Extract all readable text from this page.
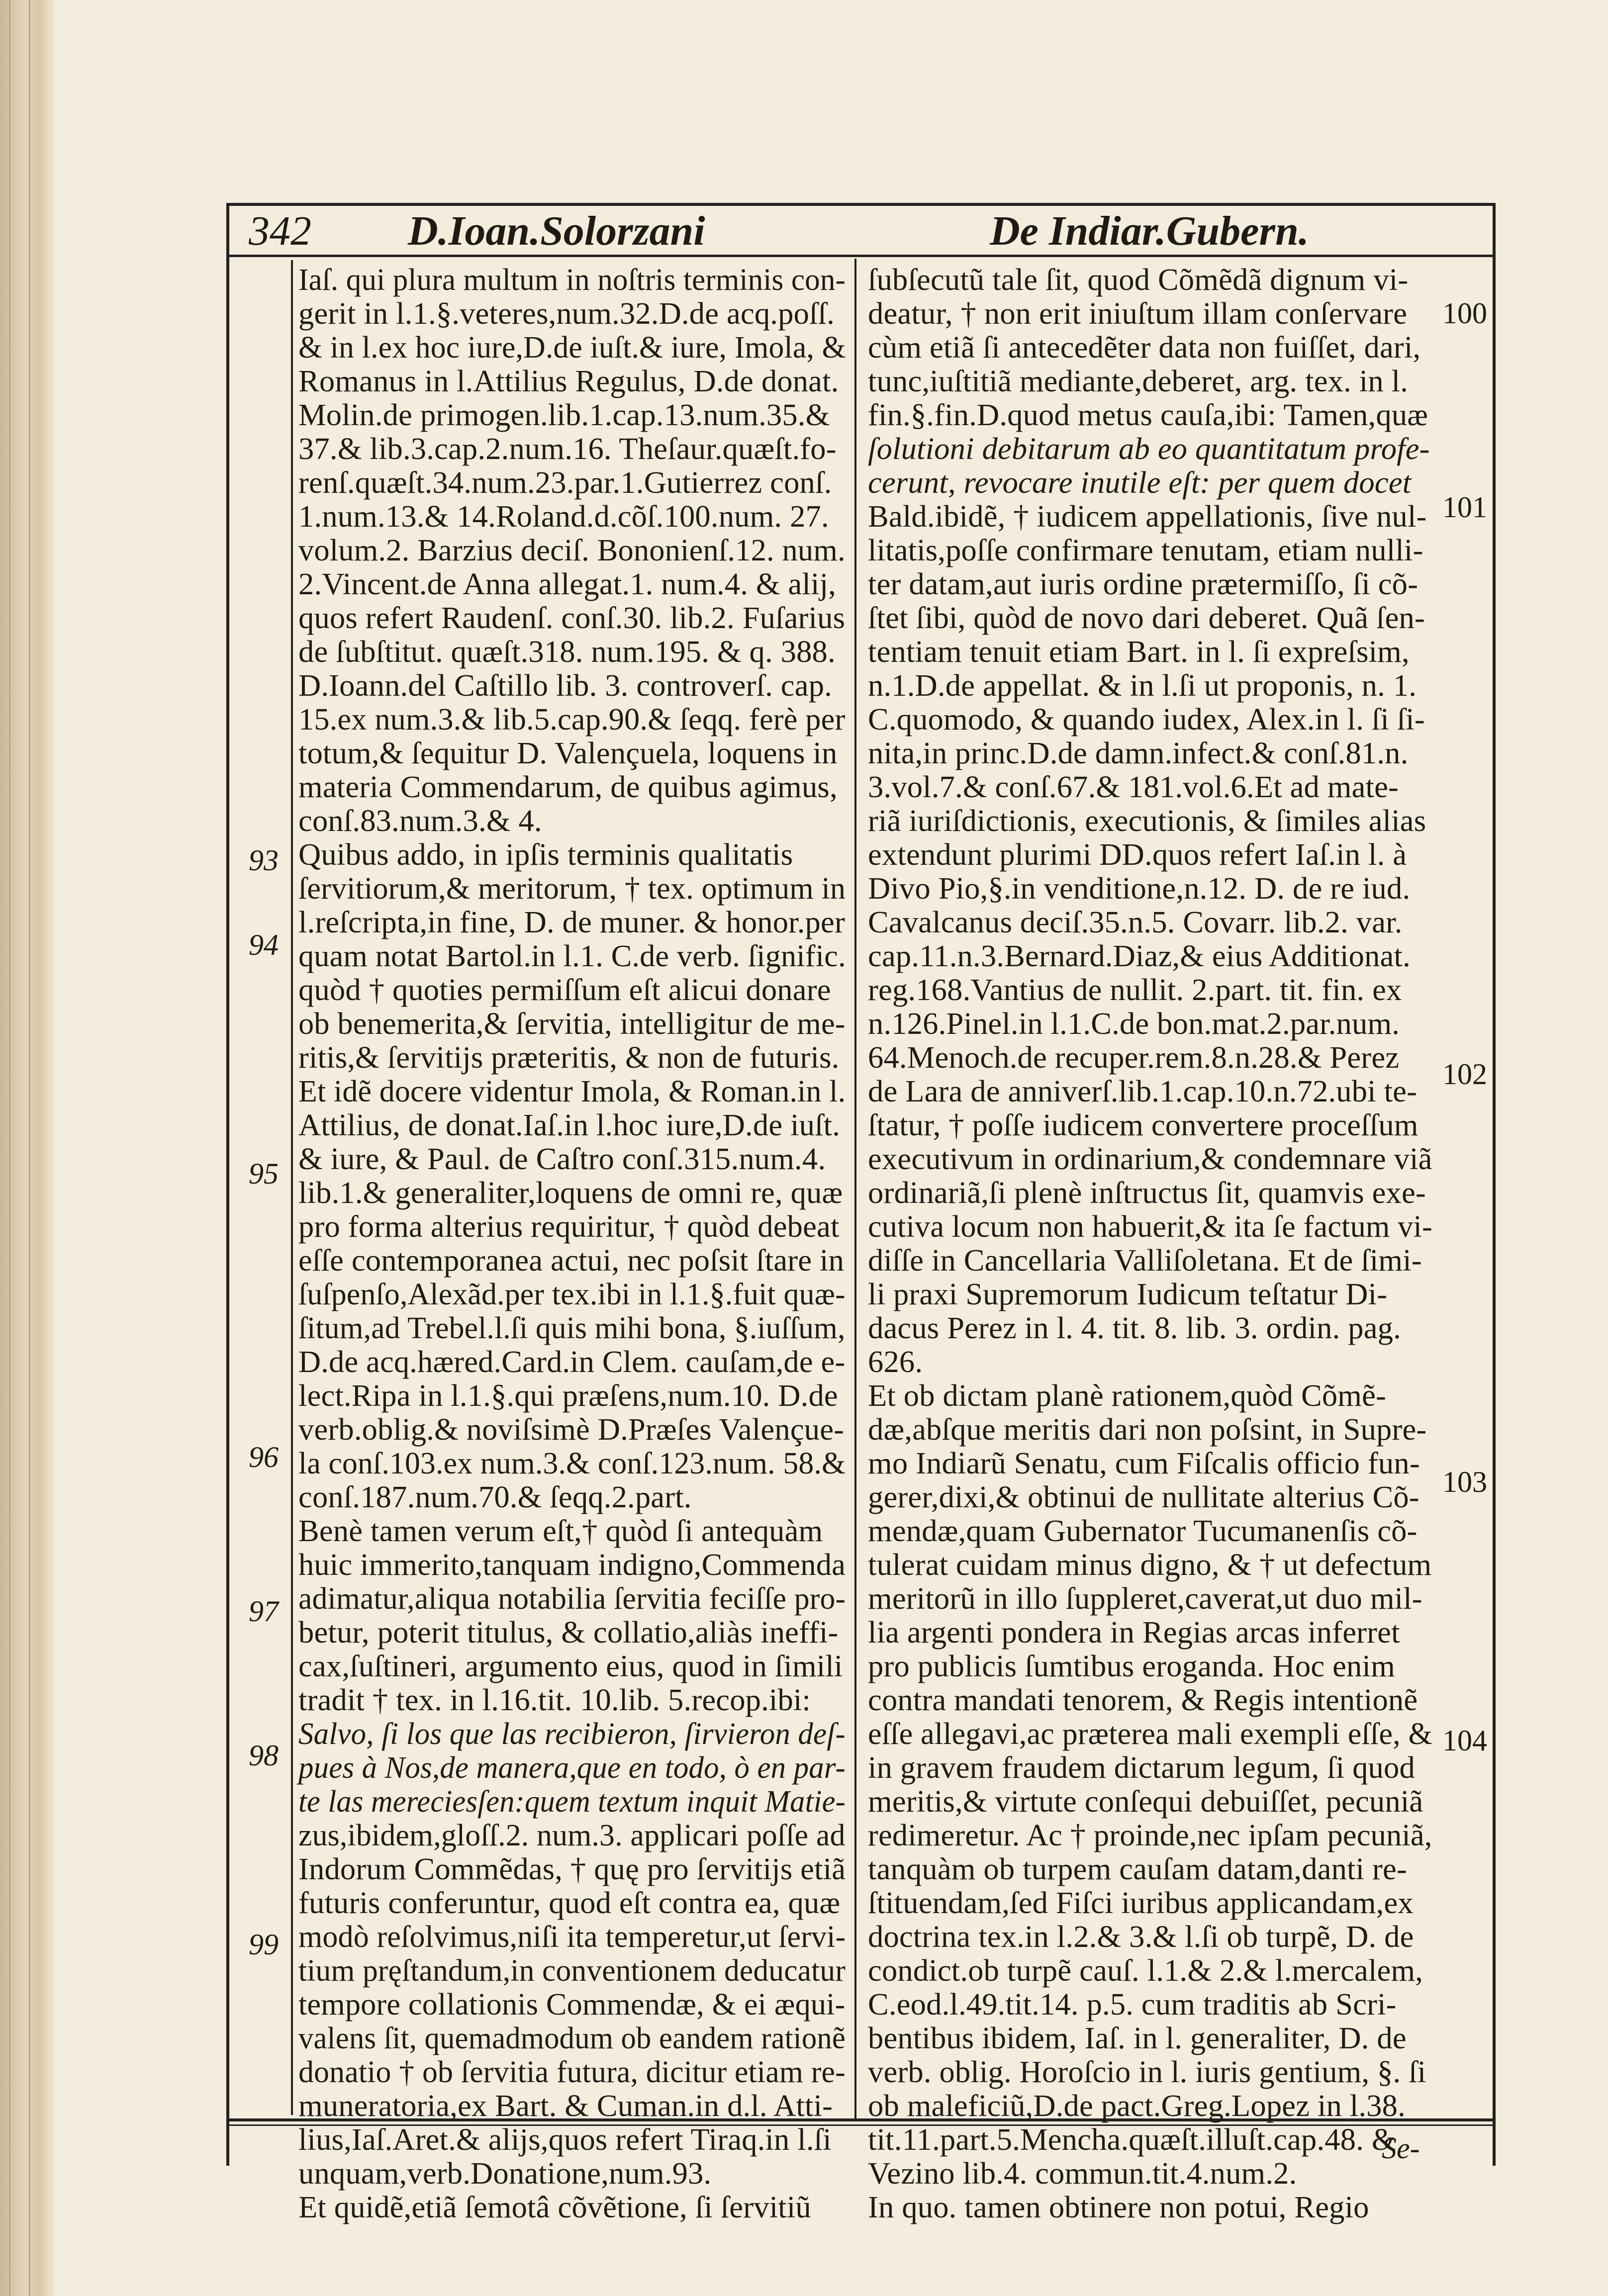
342 D.Ioan.Solorzani	De Indiar.Gubern.
Iaſ. qui plura multum in noſtris terminis con-
gerit in l.1.§.veteres,num.32.D.de acq.poſſ.
& in l.ex hoc iure,D.de iuſt.& iure, Imola, &
Romanus in l.Attilius Regulus, D.de donat.
Molin.de primogen.lib.1.cap.13.num.35.&
37.& lib.3.cap.2.num.16. Theſaur.quæſt.fo-
renſ.quæſt.34.num.23.par.1.Gutierrez conſ.
1.num.13.& 14.Roland.d.cõſ.100.num. 27.
volum.2. Barzius deciſ. Bononienſ.12. num.
2.Vincent.de Anna allegat.1. num.4. & alij,
quos refert Raudenſ. conſ.30. lib.2. Fuſarius
de ſubſtitut. quæſt.318. num.195. & q. 388.
D.Ioann.del Caſtillo lib. 3. controverſ. cap.
15.ex num.3.& lib.5.cap.90.& ſeqq. ferè per
totum,& ſequitur D. Valençuela, loquens in
materia Commendarum, de quibus agimus,
conſ.83.num.3.& 4.
Quibus addo, in ipſis terminis qualitatis
ſervitiorum,& meritorum, † tex. optimum in
l.reſcripta,in fine, D. de muner. & honor.per
quam notat Bartol.in l.1. C.de verb. ſignific.
quòd † quoties permiſſum eſt alicui donare
ob benemerita,& ſervitia, intelligitur de me-
ritis,& ſervitijs præteritis, & non de futuris.
Et idẽ docere videntur Imola, & Roman.in l.
Attilius, de donat.Iaſ.in l.hoc iure,D.de iuſt.
& iure, & Paul. de Caſtro conſ.315.num.4.
lib.1.& generaliter,loquens de omni re, quæ
pro forma alterius requiritur, † quòd debeat
eſſe contemporanea actui, nec poſsit ſtare in
ſuſpenſo,Alexãd.per tex.ibi in l.1.§.fuit quæ-
ſitum,ad Trebel.l.ſi quis mihi bona, §.iuſſum,
D.de acq.hæred.Card.in Clem. cauſam,de e-
lect.Ripa in l.1.§.qui præſens,num.10. D.de
verb.oblig.& noviſsimè D.Præſes Valençue-
la conſ.103.ex num.3.& conſ.123.num. 58.&
conſ.187.num.70.& ſeqq.2.part.
Benè tamen verum eſt,† quòd ſi antequàm
huic immerito,tanquam indigno,Commenda
adimatur,aliqua notabilia ſervitia feciſſe pro-
betur, poterit titulus, & collatio,aliàs ineffi-
cax,ſuſtineri, argumento eius, quod in ſimili
tradit † tex. in l.16.tit. 10.lib. 5.recop.ibi:
Salvo, ſi los que las recibieron, ſirvieron deſ-
pues à Nos,de manera,que en todo, ò en par-
te las mereciesſen:quem textum inquit Matie-
zus,ibidem,gloſſ.2. num.3. applicari poſſe ad
Indorum Commẽdas, † quę pro ſervitijs etiã
futuris conferuntur, quod eſt contra ea, quæ
modò reſolvimus,niſi ita temperetur,ut ſervi-
tium pręſtandum,in conventionem deducatur
tempore collationis Commendæ, & ei æqui-
valens ſit, quemadmodum ob eandem rationẽ
donatio † ob ſervitia futura, dicitur etiam re-
muneratoria,ex Bart. & Cuman.in d.l. Atti-
lius,Iaſ.Aret.& alijs,quos refert Tiraq.in l.ſi
unquam,verb.Donatione,num.93.
Et quidẽ,etiã ſemotâ cõvẽtione, ſi ſervitiũ
ſubſecutũ tale ſit, quod Cõmẽdã dignum vi-
deatur, † non erit iniuſtum illam conſervare
cùm etiã ſi antecedẽter data non fuiſſet, dari,
tunc,iuſtitiã mediante,deberet, arg. tex. in l.
fin.§.fin.D.quod metus cauſa,ibi: Tamen,quæ
ſolutioni debitarum ab eo quantitatum profe-
cerunt, revocare inutile eſt: per quem docet
Bald.ibidẽ, † iudicem appellationis, ſive nul-
litatis,poſſe confirmare tenutam, etiam nulli-
ter datam,aut iuris ordine prætermiſſo, ſi cõ-
ſtet ſibi, quòd de novo dari deberet. Quã ſen-
tentiam tenuit etiam Bart. in l. ſi expreſsim,
n.1.D.de appellat. & in l.ſi ut proponis, n. 1.
C.quomodo, & quando iudex, Alex.in l. ſi ſi-
nita,in princ.D.de damn.infect.& conſ.81.n.
3.vol.7.& conſ.67.& 181.vol.6.Et ad mate-
riã iuriſdictionis, executionis, & ſimiles alias
extendunt plurimi DD.quos refert Iaſ.in l. à
Divo Pio,§.in venditione,n.12. D. de re iud.
Cavalcanus deciſ.35.n.5. Covarr. lib.2. var.
cap.11.n.3.Bernard.Diaz,& eius Additionat.
reg.168.Vantius de nullit. 2.part. tit. fin. ex
n.126.Pinel.in l.1.C.de bon.mat.2.par.num.
64.Menoch.de recuper.rem.8.n.28.& Perez
de Lara de anniverſ.lib.1.cap.10.n.72.ubi te-
ſtatur, † poſſe iudicem convertere proceſſum
executivum in ordinarium,& condemnare viã
ordinariã,ſi plenè inſtructus ſit, quamvis exe-
cutiva locum non habuerit,& ita ſe factum vi-
diſſe in Cancellaria Valliſoletana. Et de ſimi-
li praxi Supremorum Iudicum teſtatur Di-
dacus Perez in l. 4. tit. 8. lib. 3. ordin. pag.
626.
Et ob dictam planè rationem,quòd Cõmẽ-
dæ,abſque meritis dari non poſsint, in Supre-
mo Indiarũ Senatu, cum Fiſcalis officio fun-
gerer,dixi,& obtinui de nullitate alterius Cõ-
mendæ,quam Gubernator Tucumanenſis cõ-
tulerat cuidam minus digno, & † ut defectum
meritorũ in illo ſuppleret,caverat,ut duo mil-
lia argenti pondera in Regias arcas inferret
pro publicis ſumtibus eroganda. Hoc enim
contra mandati tenorem, & Regis intentionẽ
eſſe allegavi,ac præterea mali exempli eſſe, &
in gravem fraudem dictarum legum, ſi quod
meritis,& virtute conſequi debuiſſet, pecuniã
redimeretur. Ac † proinde,nec ipſam pecuniã,
tanquàm ob turpem cauſam datam,danti re-
ſtituendam,ſed Fiſci iuribus applicandam,ex
doctrina tex.in l.2.& 3.& l.ſi ob turpẽ, D. de
condict.ob turpẽ cauſ. l.1.& 2.& l.mercalem,
C.eod.l.49.tit.14. p.5. cum traditis ab Scri-
bentibus ibidem, Iaſ. in l. generaliter, D. de
verb. oblig. Horoſcio in l. iuris gentium, §. ſi
ob maleficiũ,D.de pact.Greg.Lopez in l.38.
tit.11.part.5.Mencha.quæſt.illuſt.cap.48. &
Vezino lib.4. commun.tit.4.num.2.
In quo. tamen obtinere non potui, Regio
93
94
95
96
97
98
99
100
101
102
103
104
Se-
